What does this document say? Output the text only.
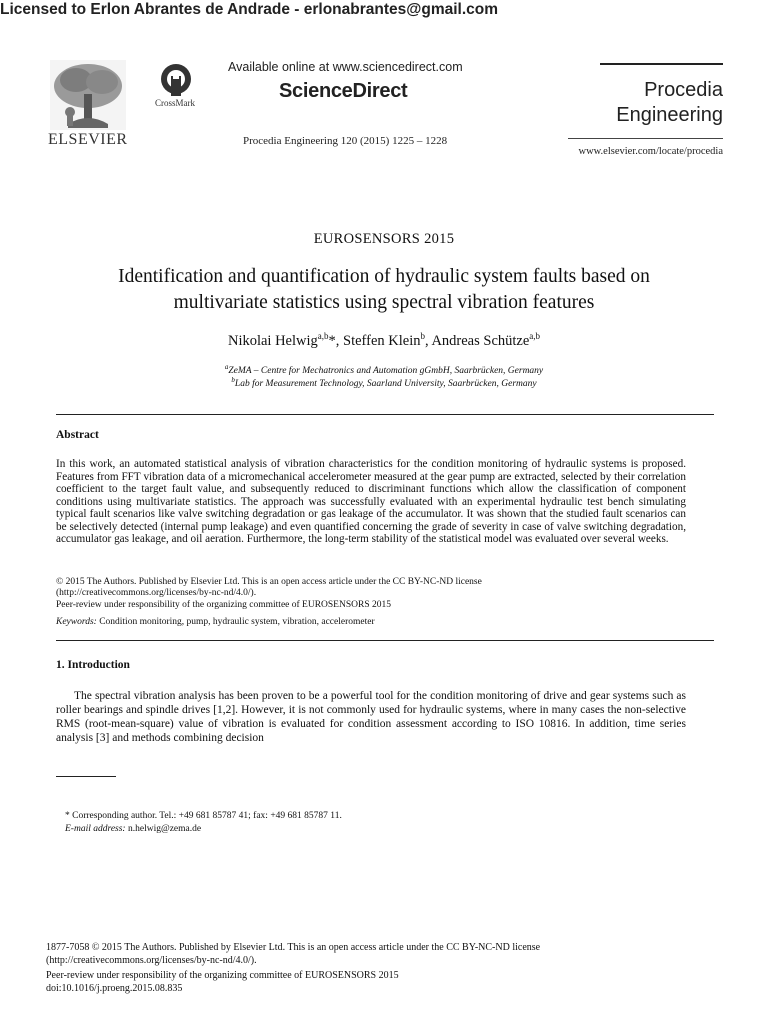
Licensed to Erlon Abrantes de Andrade - erlonabrantes@gmail.com
ELSEVIER
CrossMark
Available online at www.sciencedirect.com
ScienceDirect
Procedia Engineering 120 (2015) 1225 – 1228
Procedia
Engineering
www.elsevier.com/locate/procedia
EUROSENSORS 2015
Identification and quantification of hydraulic system faults based on
multivariate statistics using spectral vibration features
Nikolai Helwig$^{a,b}$*, Steffen Klein$^b$, Andreas Schütze$^{a,b}$
$^a$ZeMA – Centre for Mechatronics and Automation gGmbH, Saarbrücken, Germany
$^b$Lab for Measurement Technology, Saarland University, Saarbrücken, Germany
Abstract
In this work, an automated statistical analysis of vibration characteristics for the condition monitoring of hydraulic systems is proposed. Features from FFT vibration data of a micromechanical accelerometer measured at the gear pump are extracted, selected by their correlation coefficient to the target fault value, and subsequently reduced to discriminant functions which allow the classification of component conditions using multivariate statistics. The approach was successfully evaluated with an experimental hydraulic test bench simulating typical fault scenarios like valve switching degradation or gas leakage of the accumulator. It was shown that the studied fault scenarios can be selectively detected (internal pump leakage) and even quantified concerning the grade of severity in case of valve switching degradation, accumulator gas leakage, and oil aeration. Furthermore, the long-term stability of the statistical model was evaluated over several weeks.
© 2015 The Authors. Published by Elsevier Ltd. This is an open access article under the CC BY-NC-ND license
(http://creativecommons.org/licenses/by-nc-nd/4.0/).
Peer-review under responsibility of the organizing committee of EUROSENSORS 2015
Keywords: Condition monitoring, pump, hydraulic system, vibration, accelerometer
1. Introduction
The spectral vibration analysis has been proven to be a powerful tool for the condition monitoring of drive and gear systems such as roller bearings and spindle drives [1,2]. However, it is not commonly used for hydraulic systems, where in many cases the non-selective RMS (root-mean-square) value of vibration is evaluated for condition assessment according to ISO 10816. In addition, time series analysis [3] and methods combining decision
* Corresponding author. Tel.: +49 681 85787 41; fax: +49 681 85787 11.
E-mail address: n.helwig@zema.de
1877-7058 © 2015 The Authors. Published by Elsevier Ltd. This is an open access article under the CC BY-NC-ND license
(http://creativecommons.org/licenses/by-nc-nd/4.0/).
Peer-review under responsibility of the organizing committee of EUROSENSORS 2015
doi:10.1016/j.proeng.2015.08.835
